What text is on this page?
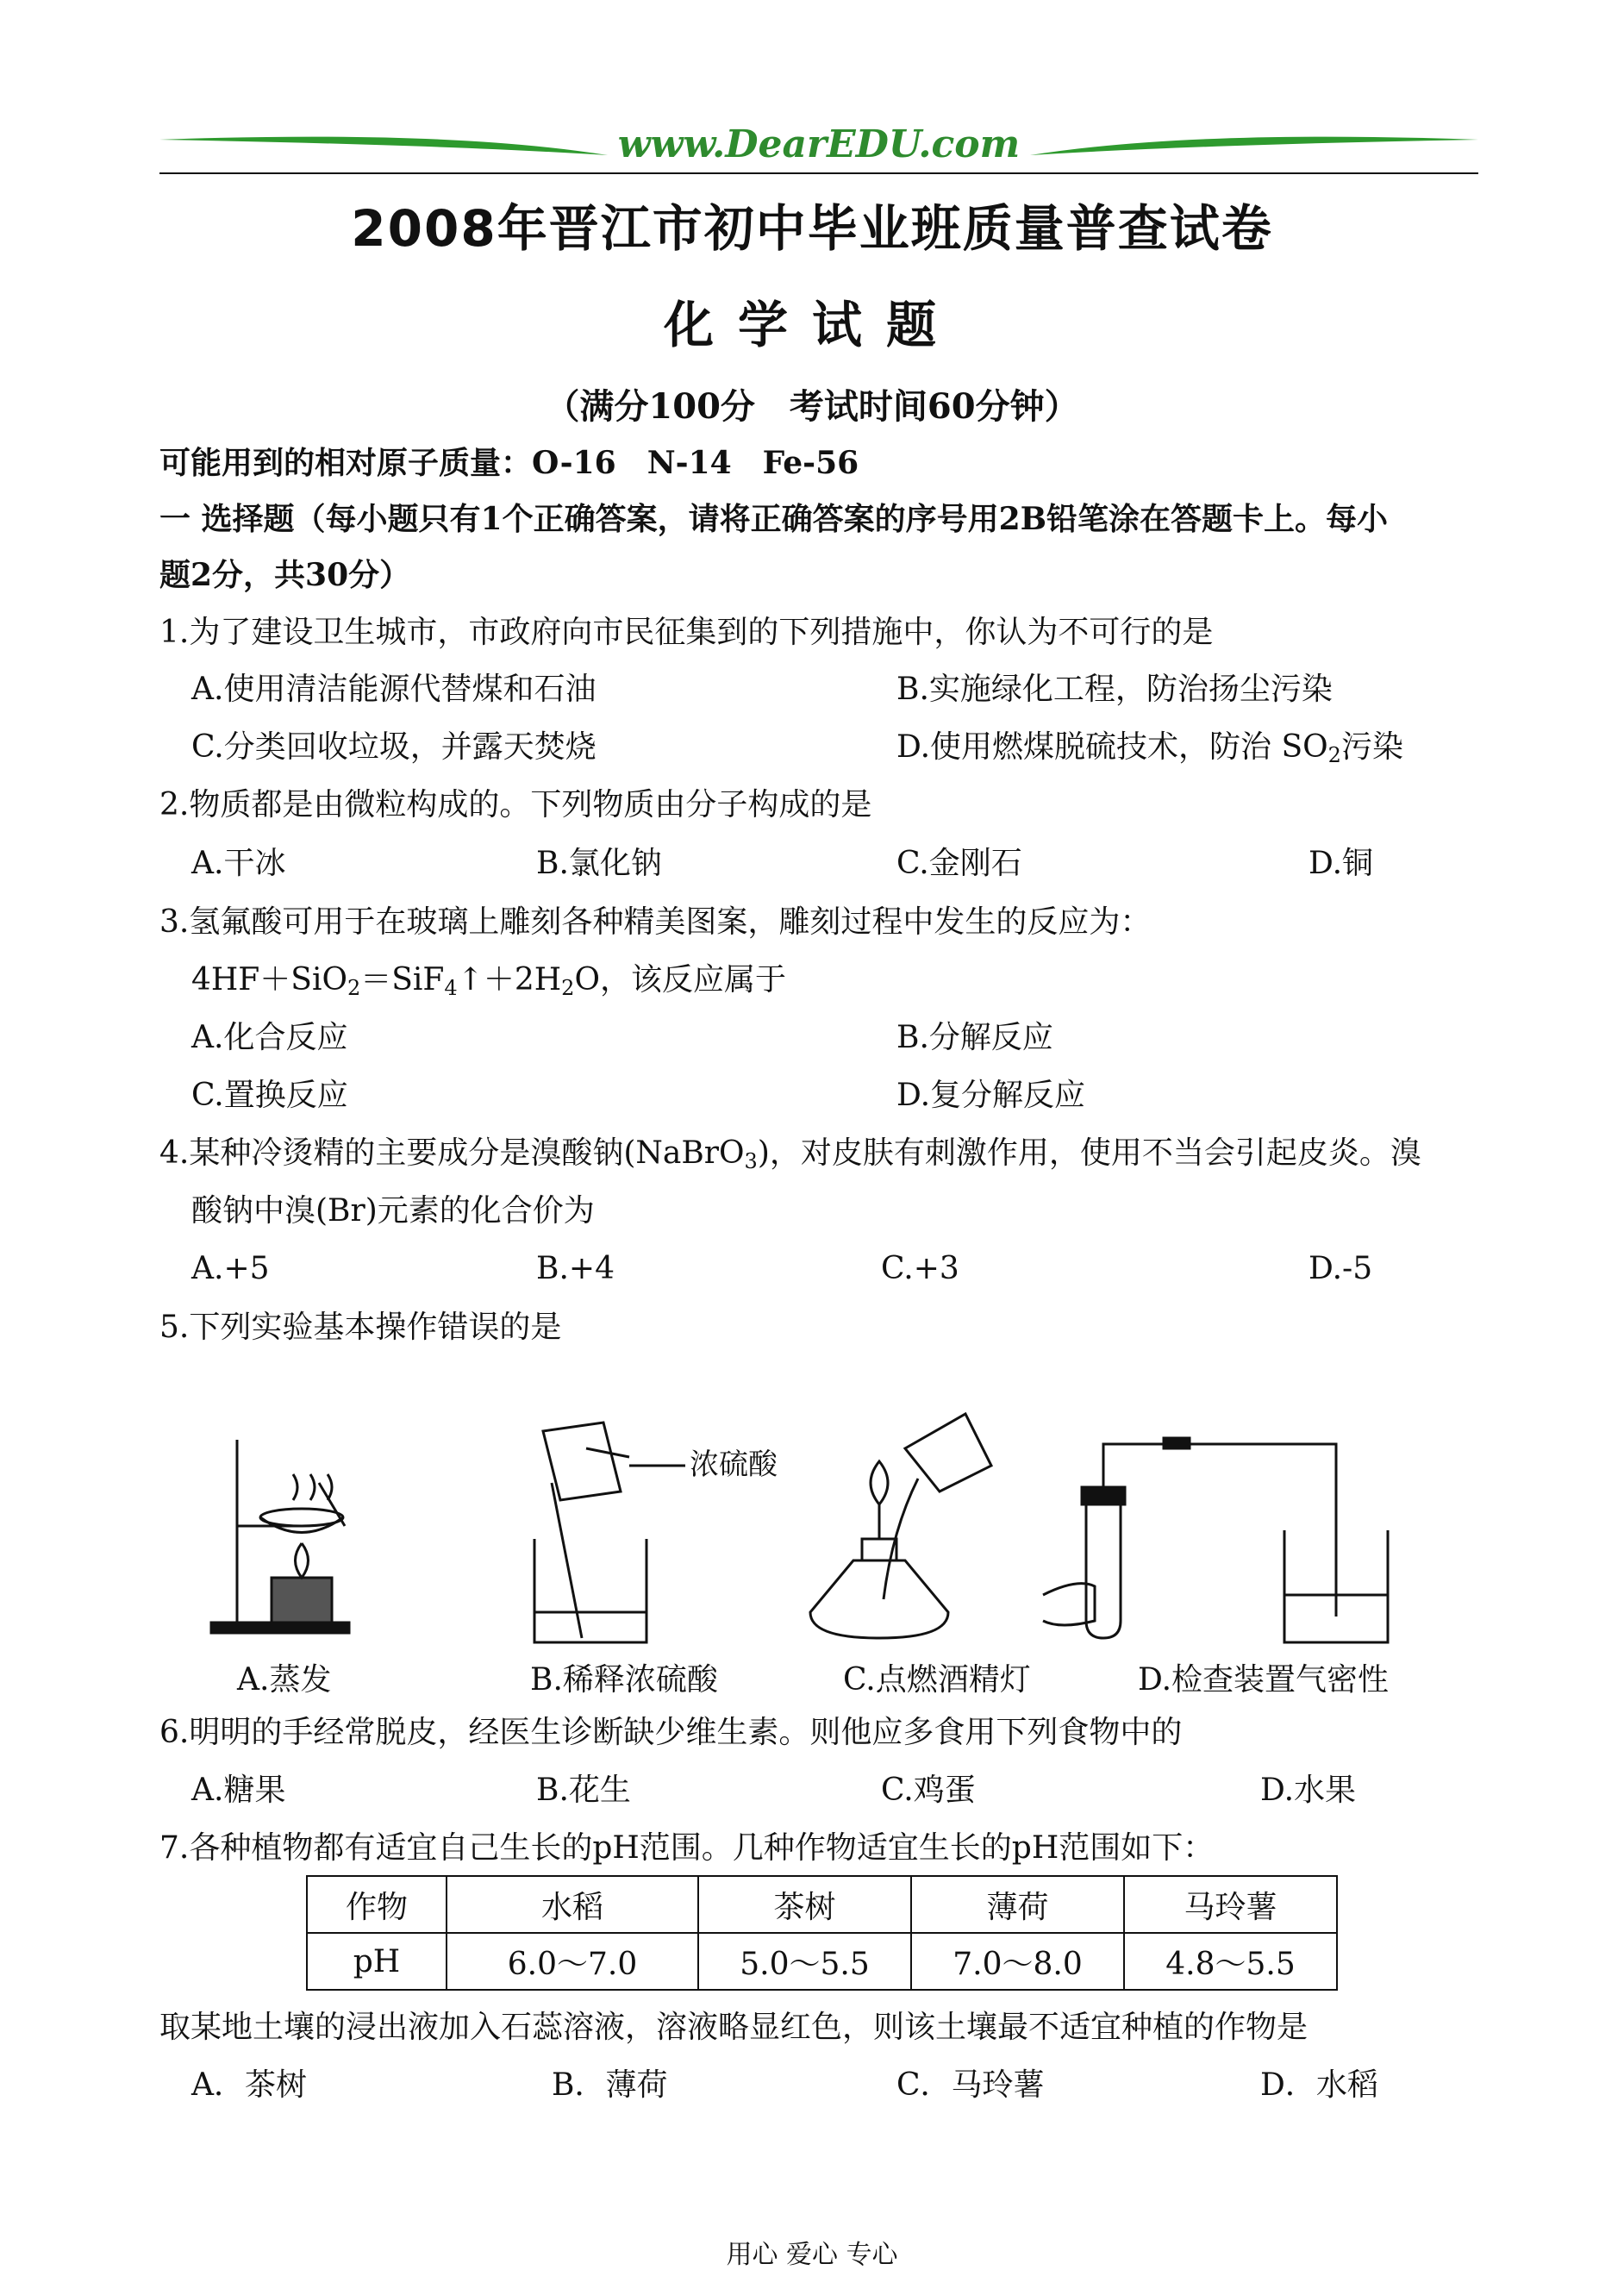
www.DearEDU.com
2008年晋江市初中毕业班质量普查试卷
化学试题
（满分100分　考试时间60分钟）
可能用到的相对原子质量：O-16　N-14　Fe-56
一 选择题（每小题只有1个正确答案，请将正确答案的序号用2B铅笔涂在答题卡上。每小
题2分，共30分）
1.为了建设卫生城市，市政府向市民征集到的下列措施中，你认为不可行的是
A.使用清洁能源代替煤和石油	B.实施绿化工程，防治扬尘污染
C.分类回收垃圾，并露天焚烧	D.使用燃煤脱硫技术，防治 $SO_2$污染
2.物质都是由微粒构成的。下列物质由分子构成的是
A.干冰	B.氯化钠	C.金刚石	D.铜
3.氢氟酸可用于在玻璃上雕刻各种精美图案，雕刻过程中发生的反应为：
$4HF+SiO_2=SiF_4↑+2H_2O$，该反应属于
A.化合反应	B.分解反应
C.置换反应	D.复分解反应
4.某种冷烫精的主要成分是溴酸钠(NaBrO$_3$)，对皮肤有刺激作用，使用不当会引起皮炎。溴
酸钠中溴(Br)元素的化合价为
A.+5	B.+4	C.+3	D.-5
5.下列实验基本操作错误的是
浓硫酸
A.蒸发	B.稀释浓硫酸	C.点燃酒精灯	D.检查装置气密性
6.明明的手经常脱皮，经医生诊断缺少维生素。则他应多食用下列食物中的
A.糖果	B.花生	C.鸡蛋	D.水果
7.各种植物都有适宜自己生长的pH范围。几种作物适宜生长的pH范围如下：
作物	水稻	茶树	薄荷	马玲薯
pH	6.0～7.0	5.0～5.5	7.0～8.0	4.8～5.5
取某地土壤的浸出液加入石蕊溶液，溶液略显红色，则该土壤最不适宜种植的作物是
A．茶树	B．薄荷	C．马玲薯	D．水稻
用心 爱心 专心
